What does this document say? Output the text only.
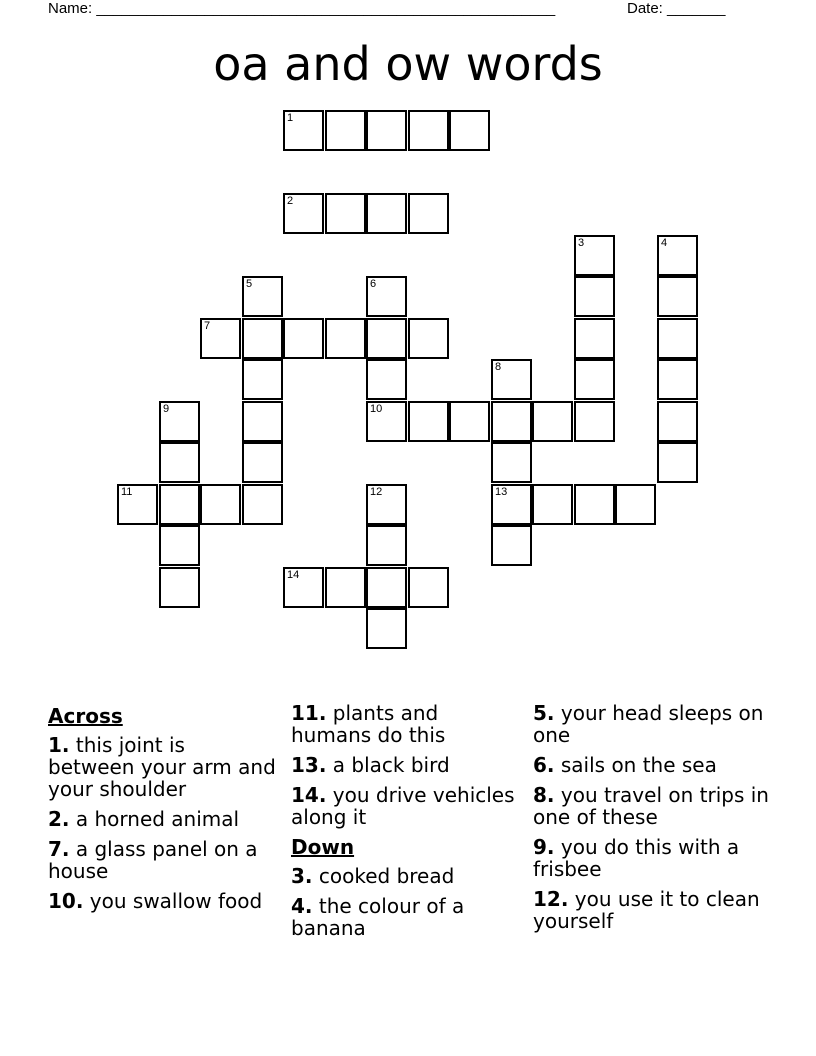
Name: _______________________________________________________	Date: _______
oa and ow words
1
2
3	4
5	6
7
8
9	10
11	12	13
14
Across
1. this joint is between your arm and your shoulder
2. a horned animal
7. a glass panel on a house
10. you swallow food
11. plants and humans do this
13. a black bird
14. you drive vehicles along it
Down
3. cooked bread
4. the colour of a banana
5. your head sleeps on one
6. sails on the sea
8. you travel on trips in one of these
9. you do this with a frisbee
12. you use it to clean yourself
